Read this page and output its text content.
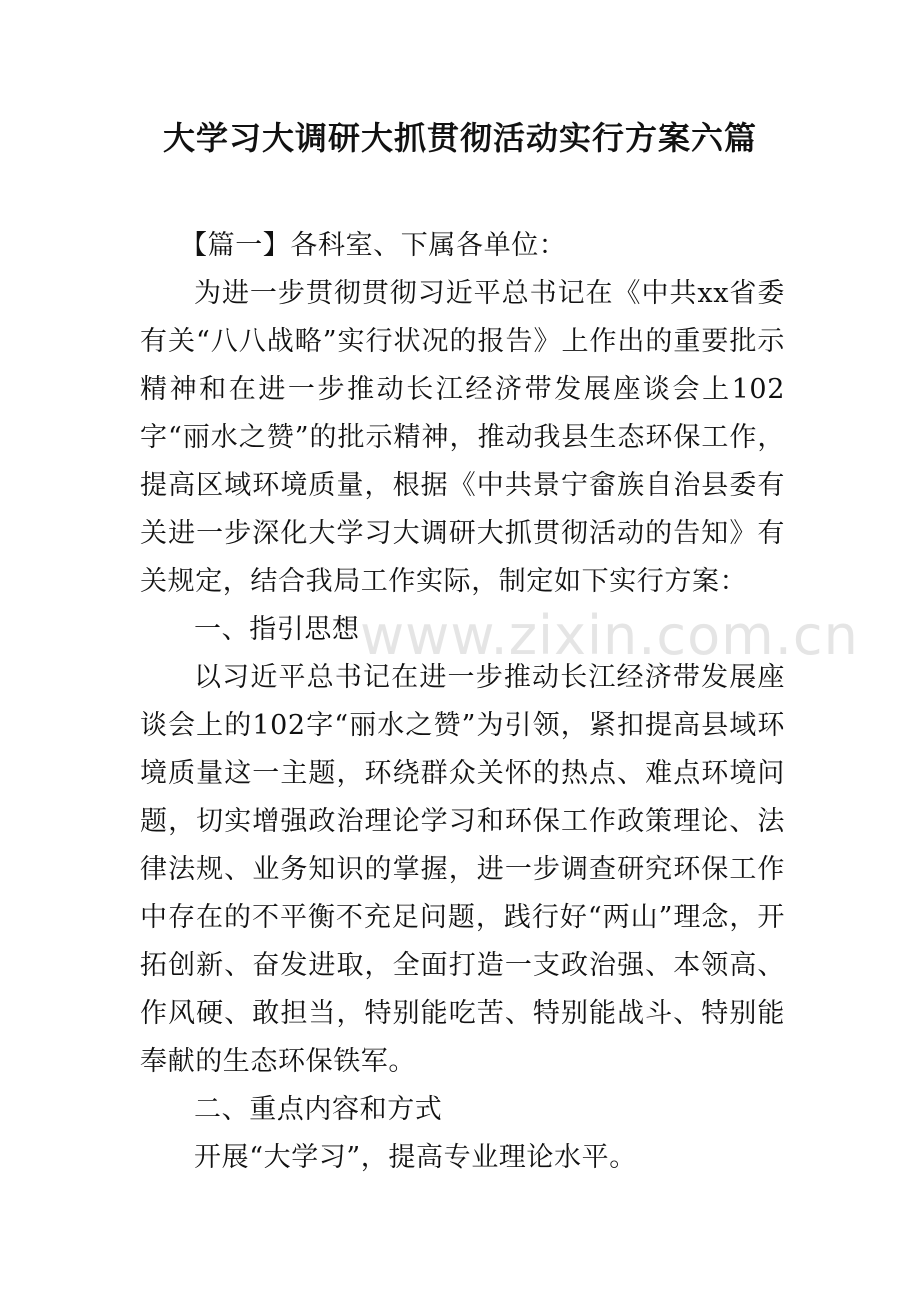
大学习大调研大抓贯彻活动实行方案六篇

【篇一】各科室、下属各单位：

为进一步贯彻贯彻习近平总书记在《中共xx省委有关“八八战略”实行状况的报告》上作出的重要批示精神和在进一步推动长江经济带发展座谈会上102字“丽水之赞”的批示精神，推动我县生态环保工作，提高区域环境质量，根据《中共景宁畲族自治县委有关进一步深化大学习大调研大抓贯彻活动的告知》有关规定，结合我局工作实际，制定如下实行方案：

一、指引思想

以习近平总书记在进一步推动长江经济带发展座谈会上的102字“丽水之赞”为引领，紧扣提高县域环境质量这一主题，环绕群众关怀的热点、难点环境问题，切实增强政治理论学习和环保工作政策理论、法律法规、业务知识的掌握，进一步调查研究环保工作中存在的不平衡不充足问题，践行好“两山”理念，开拓创新、奋发进取，全面打造一支政治强、本领高、作风硬、敢担当，特别能吃苦、特别能战斗、特别能奉献的生态环保铁军。

二、重点内容和方式

开展“大学习”，提高专业理论水平。

www.zixin.com.cn
